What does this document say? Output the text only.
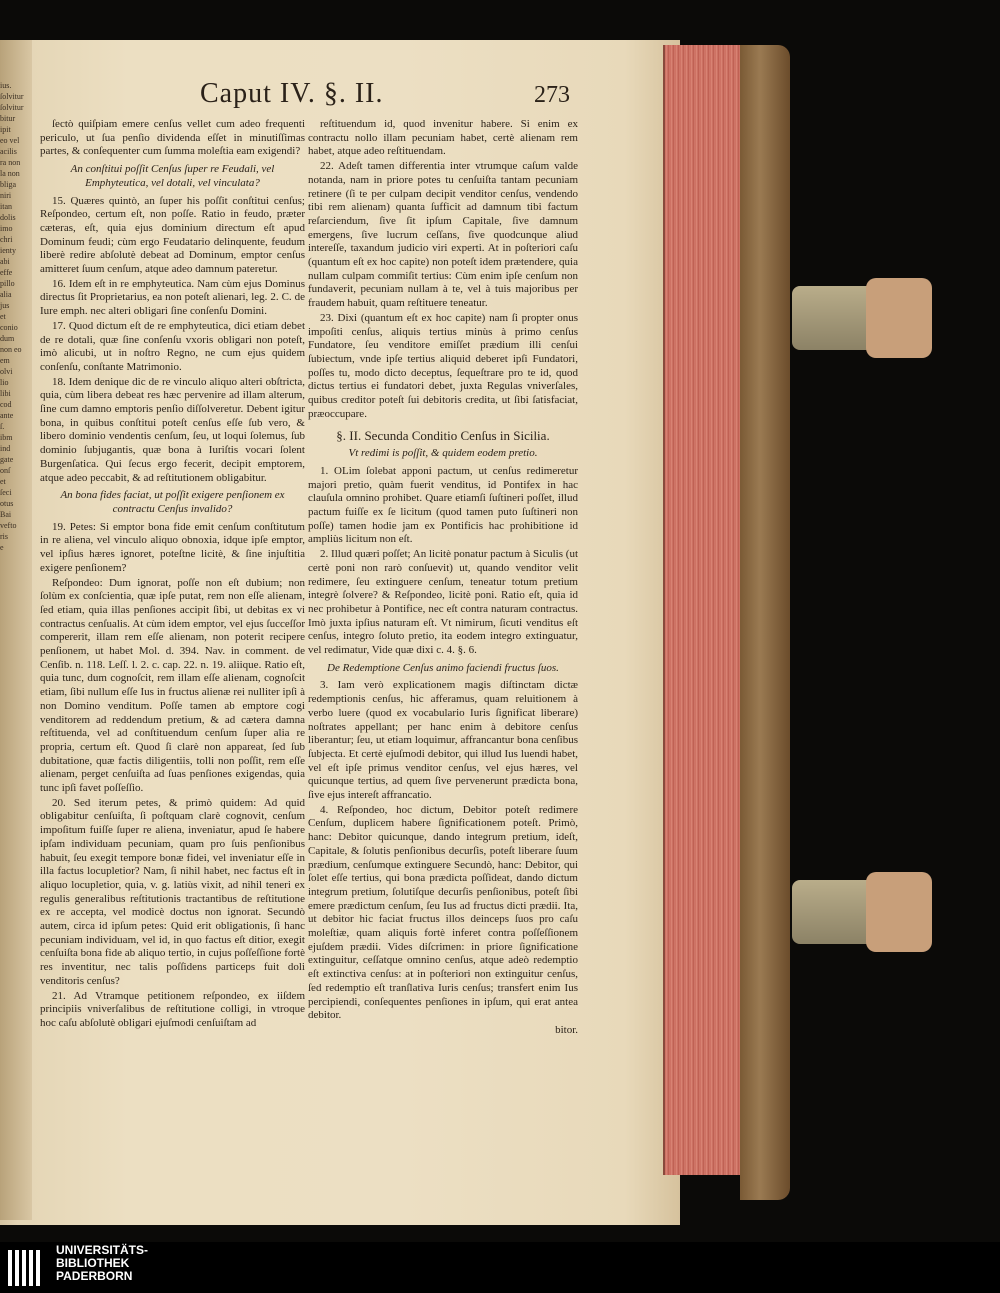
ius.
ſolvitur
ſolvitur
bitur
ipit
eo vel
acilis
ra non
la non
bliga
niri
itan
dolis
imo
chri
ienty
abi
effe
pillo
alia
jus
et
conio
dum
non eo
em
olvi
lio
libi
cod
ante
ſ.
ibm
ind
gate
onſ
et
ſeci
otus
Bai
vefto
ris
e
Caput IV. §. II.	273

ſectò quiſpiam emere cenſus vellet cum adeo frequenti periculo, ut ſua penſio dividenda eſſet in minutiſſimas partes, & conſequenter cum ſumma moleſtia eam exigendi?

An conſtitui poſſit Cenſus ſuper re Feudali, vel Emphyteutica, vel dotali, vel vinculata?

15. Quæres quintò, an ſuper his poſſit conſtitui cenſus; Reſpondeo, certum eſt, non poſſe. Ratio in feudo, præter cæteras, eſt, quia ejus dominium directum eſt apud Dominum feudi; cùm ergo Feudatario delinquente, feudum liberè redire abſolutè debeat ad Dominum, emptor cenſus amitteret ſuum cenſum, atque adeo damnum pateretur.

16. Idem eſt in re emphyteutica. Nam cùm ejus Dominus directus ſit Proprietarius, ea non poteſt alienari, leg. 2. C. de Iure emph. nec alteri obligari ſine conſenſu Domini.

17. Quod dictum eſt de re emphyteutica, dici etiam debet de re dotali, quæ ſine conſenſu vxoris obligari non poteſt, imò alicubi, ut in noſtro Regno, ne cum ejus quidem conſenſu, conſtante Matrimonio.

18. Idem denique dic de re vinculo aliquo alteri obſtricta, quia, cùm libera debeat res hæc pervenire ad illam alterum, ſine cum damno emptoris penſio diſſolveretur. Debent igitur bona, in quibus conſtitui poteſt cenſus eſſe ſub vero, & libero dominio vendentis cenſum, ſeu, ut loqui ſolemus, ſub dominio ſubjugantis, quæ bona à Iuriſtis vocari ſolent Burgenſatica. Qui ſecus ergo fecerit, decipit emptorem, atque adeo peccabit, & ad reſtitutionem obligabitur.

An bona fides faciat, ut poſſit exigere penſionem ex contractu Cenſus invalido?

19. Petes: Si emptor bona fide emit cenſum conſtitutum in re aliena, vel vinculo aliquo obnoxia, idque ipſe emptor, vel ipſius hæres ignoret, poteſtne licitè, & ſine injuſtitia exigere penſionem?

Reſpondeo: Dum ignorat, poſſe non eſt dubium; non ſolùm ex conſcientia, quæ ipſe putat, rem non eſſe alienam, ſed etiam, quia illas penſiones accipit ſibi, ut debitas ex vi contractus cenſualis. At cùm idem emptor, vel ejus ſucceſſor compererit, illam rem eſſe alienam, non poterit recipere penſionem, ut habet Mol. d. 394. Nav. in comment. de Cenſib. n. 118. Leſſ. l. 2. c. cap. 22. n. 19. aliique. Ratio eſt, quia tunc, dum cognoſcit, rem illam eſſe alienam, cognoſcit etiam, ſibi nullum eſſe Ius in fructus alienæ rei nulliter ipſi à non Domino venditum. Poſſe tamen ab emptore cogi venditorem ad reddendum pretium, & ad cætera damna reſtituenda, vel ad conſtituendum cenſum ſuper alia re propria, certum eſt. Quod ſi clarè non appareat, ſed ſub dubitatione, quæ factis diligentiis, tolli non poſſit, rem eſſe alienam, perget cenſuiſta ad ſuas penſiones exigendas, quia tunc ipſi favet poſſeſſio.

20. Sed iterum petes, & primò quidem: Ad quid obligabitur cenſuiſta, ſi poſtquam clarè cognovit, cenſum impoſitum fuiſſe ſuper re aliena, inveniatur, apud ſe habere ipſam individuam pecuniam, quam pro ſuis penſionibus habuit, ſeu exegit tempore bonæ fidei, vel inveniatur eſſe in illa factus locupletior? Nam, ſi nihil habet, nec factus eſt in aliquo locupletior, quia, v. g. latiùs vixit, ad nihil teneri ex regulis generalibus reſtitutionis tractantibus de reſtitutione ex re accepta, vel modicè doctus non ignorat. Secundò autem, circa id ipſum petes: Quid erit obligationis, ſi hanc pecuniam individuam, vel id, in quo factus eſt ditior, exegit cenſuiſta bona fide ab aliquo tertio, in cujus poſſeſſione fortè res inventitur, nec talis poſſidens particeps fuit doli venditoris cenſus?

21. Ad Vtramque petitionem reſpondeo, ex iiſdem principiis vniverſalibus de reſtitutione colligi, in vtroque hoc caſu abſolutè obligari ejuſmodi cenſuiſtam ad

reſtituendum id, quod invenitur habere. Si enim ex contractu nollo illam pecuniam habet, certè alienam rem habet, atque adeo reſtituendam.

22. Adeſt tamen differentia inter vtrumque caſum valde notanda, nam in priore potes tu cenſuiſta tantam pecuniam retinere (ſi te per culpam decipit venditor cenſus, vendendo tibi rem alienam) quanta ſufficit ad damnum tibi factum reſarciendum, ſive ſit ipſum Capitale, ſive damnum emergens, ſive lucrum ceſſans, ſive quodcunque aliud intereſſe, taxandum judicio viri experti. At in poſteriori caſu (quantum eſt ex hoc capite) non poteſt idem prætendere, quia nullam culpam commiſit tertius: Cùm enim ipſe cenſum non fundaverit, pecuniam nullam à te, vel à tuis majoribus per fraudem habuit, quam reſtituere teneatur.

23. Dixi (quantum eſt ex hoc capite) nam ſi propter onus impoſiti cenſus, aliquis tertius minùs à primo cenſus Fundatore, ſeu venditore emiſſet prædium illi cenſui ſubiectum, vnde ipſe tertius aliquid deberet ipſi Fundatori, poſſes tu, modo dicto deceptus, ſequeſtrare pro te id, quod dictus tertius ei fundatori debet, juxta Regulas vniverſales, quibus creditor poteſt ſui debitoris credita, ut ſibi ſatisfaciat, præoccupare.

§. II. Secunda Conditio Cenſus in Sicilia.

Vt redimi is poſſit, & quidem eodem pretio.

1. OLim ſolebat apponi pactum, ut cenſus redimeretur majori pretio, quàm fuerit venditus, id Pontifex in hac clauſula omnino prohibet. Quare etiamſi ſuſtineri poſſet, illud pactum fuiſſe ex ſe licitum (quod tamen puto ſuſtineri non poſſe) tamen hodie jam ex Pontificis hac prohibitione id ampliùs licitum non eſt.

2. Illud quæri poſſet; An licitè ponatur pactum à Siculis (ut certè poni non rarò conſuevit) ut, quando venditor velit redimere, ſeu extinguere cenſum, teneatur totum pretium integrè ſolvere? & Reſpondeo, licitè poni. Ratio eſt, quia id nec prohibetur à Pontifice, nec eſt contra naturam contractus. Imò juxta ipſius naturam eſt. Vt nimirum, ſicuti venditus eſt cenſus, integro ſoluto pretio, ita eodem integro extinguatur, vel redimatur, Vide quæ dixi c. 4. §. 6.

De Redemptione Cenſus animo faciendi fructus ſuos.

3. Iam verò explicationem magis diſtinctam dictæ redemptionis cenſus, hic afferamus, quam reluitionem à verbo luere (quod ex vocabulario Iuris ſignificat liberare) noſtrates appellant; per hanc enim à debitore cenſus liberantur; ſeu, ut etiam loquimur, affrancantur bona cenſibus ſubjecta. Et certè ejuſmodi debitor, qui illud Ius luendi habet, vel eſt ipſe primus venditor cenſus, vel ejus hæres, vel quicunque tertius, ad quem ſive pervenerunt prædicta bona, ſive ejus intereſt affrancatio.

4. Reſpondeo, hoc dictum, Debitor poteſt redimere Cenſum, duplicem habere ſignificationem poteſt. Primò, hanc: Debitor quicunque, dando integrum pretium, ideſt, Capitale, & ſolutis penſionibus decurſis, poteſt liberare ſuum prædium, cenſumque extinguere Secundò, hanc: Debitor, qui ſolet eſſe tertius, qui bona prædicta poſſideat, dando dictum integrum pretium, ſolutiſque decurſis penſionibus, poteſt ſibi emere prædictum cenſum, ſeu Ius ad fructus dicti prædii. Ita, ut debitor hic faciat fructus illos deinceps ſuos pro caſu moleſtiæ, quam aliquis fortè inferet contra poſſeſſionem ejuſdem prædii. Vides diſcrimen: in priore ſignificatione extinguitur, ceſſatque omnino cenſus, atque adeò redemptio eſt extinctiva cenſus: at in poſteriori non extinguitur cenſus, ſed redemptio eſt tranſlativa Iuris cenſus; transfert enim Ius percipiendi, conſequentes penſiones in ipſum, qui erat antea debitor.

bitor.

UNIVERSITÄTS-
BIBLIOTHEK
PADERBORN
